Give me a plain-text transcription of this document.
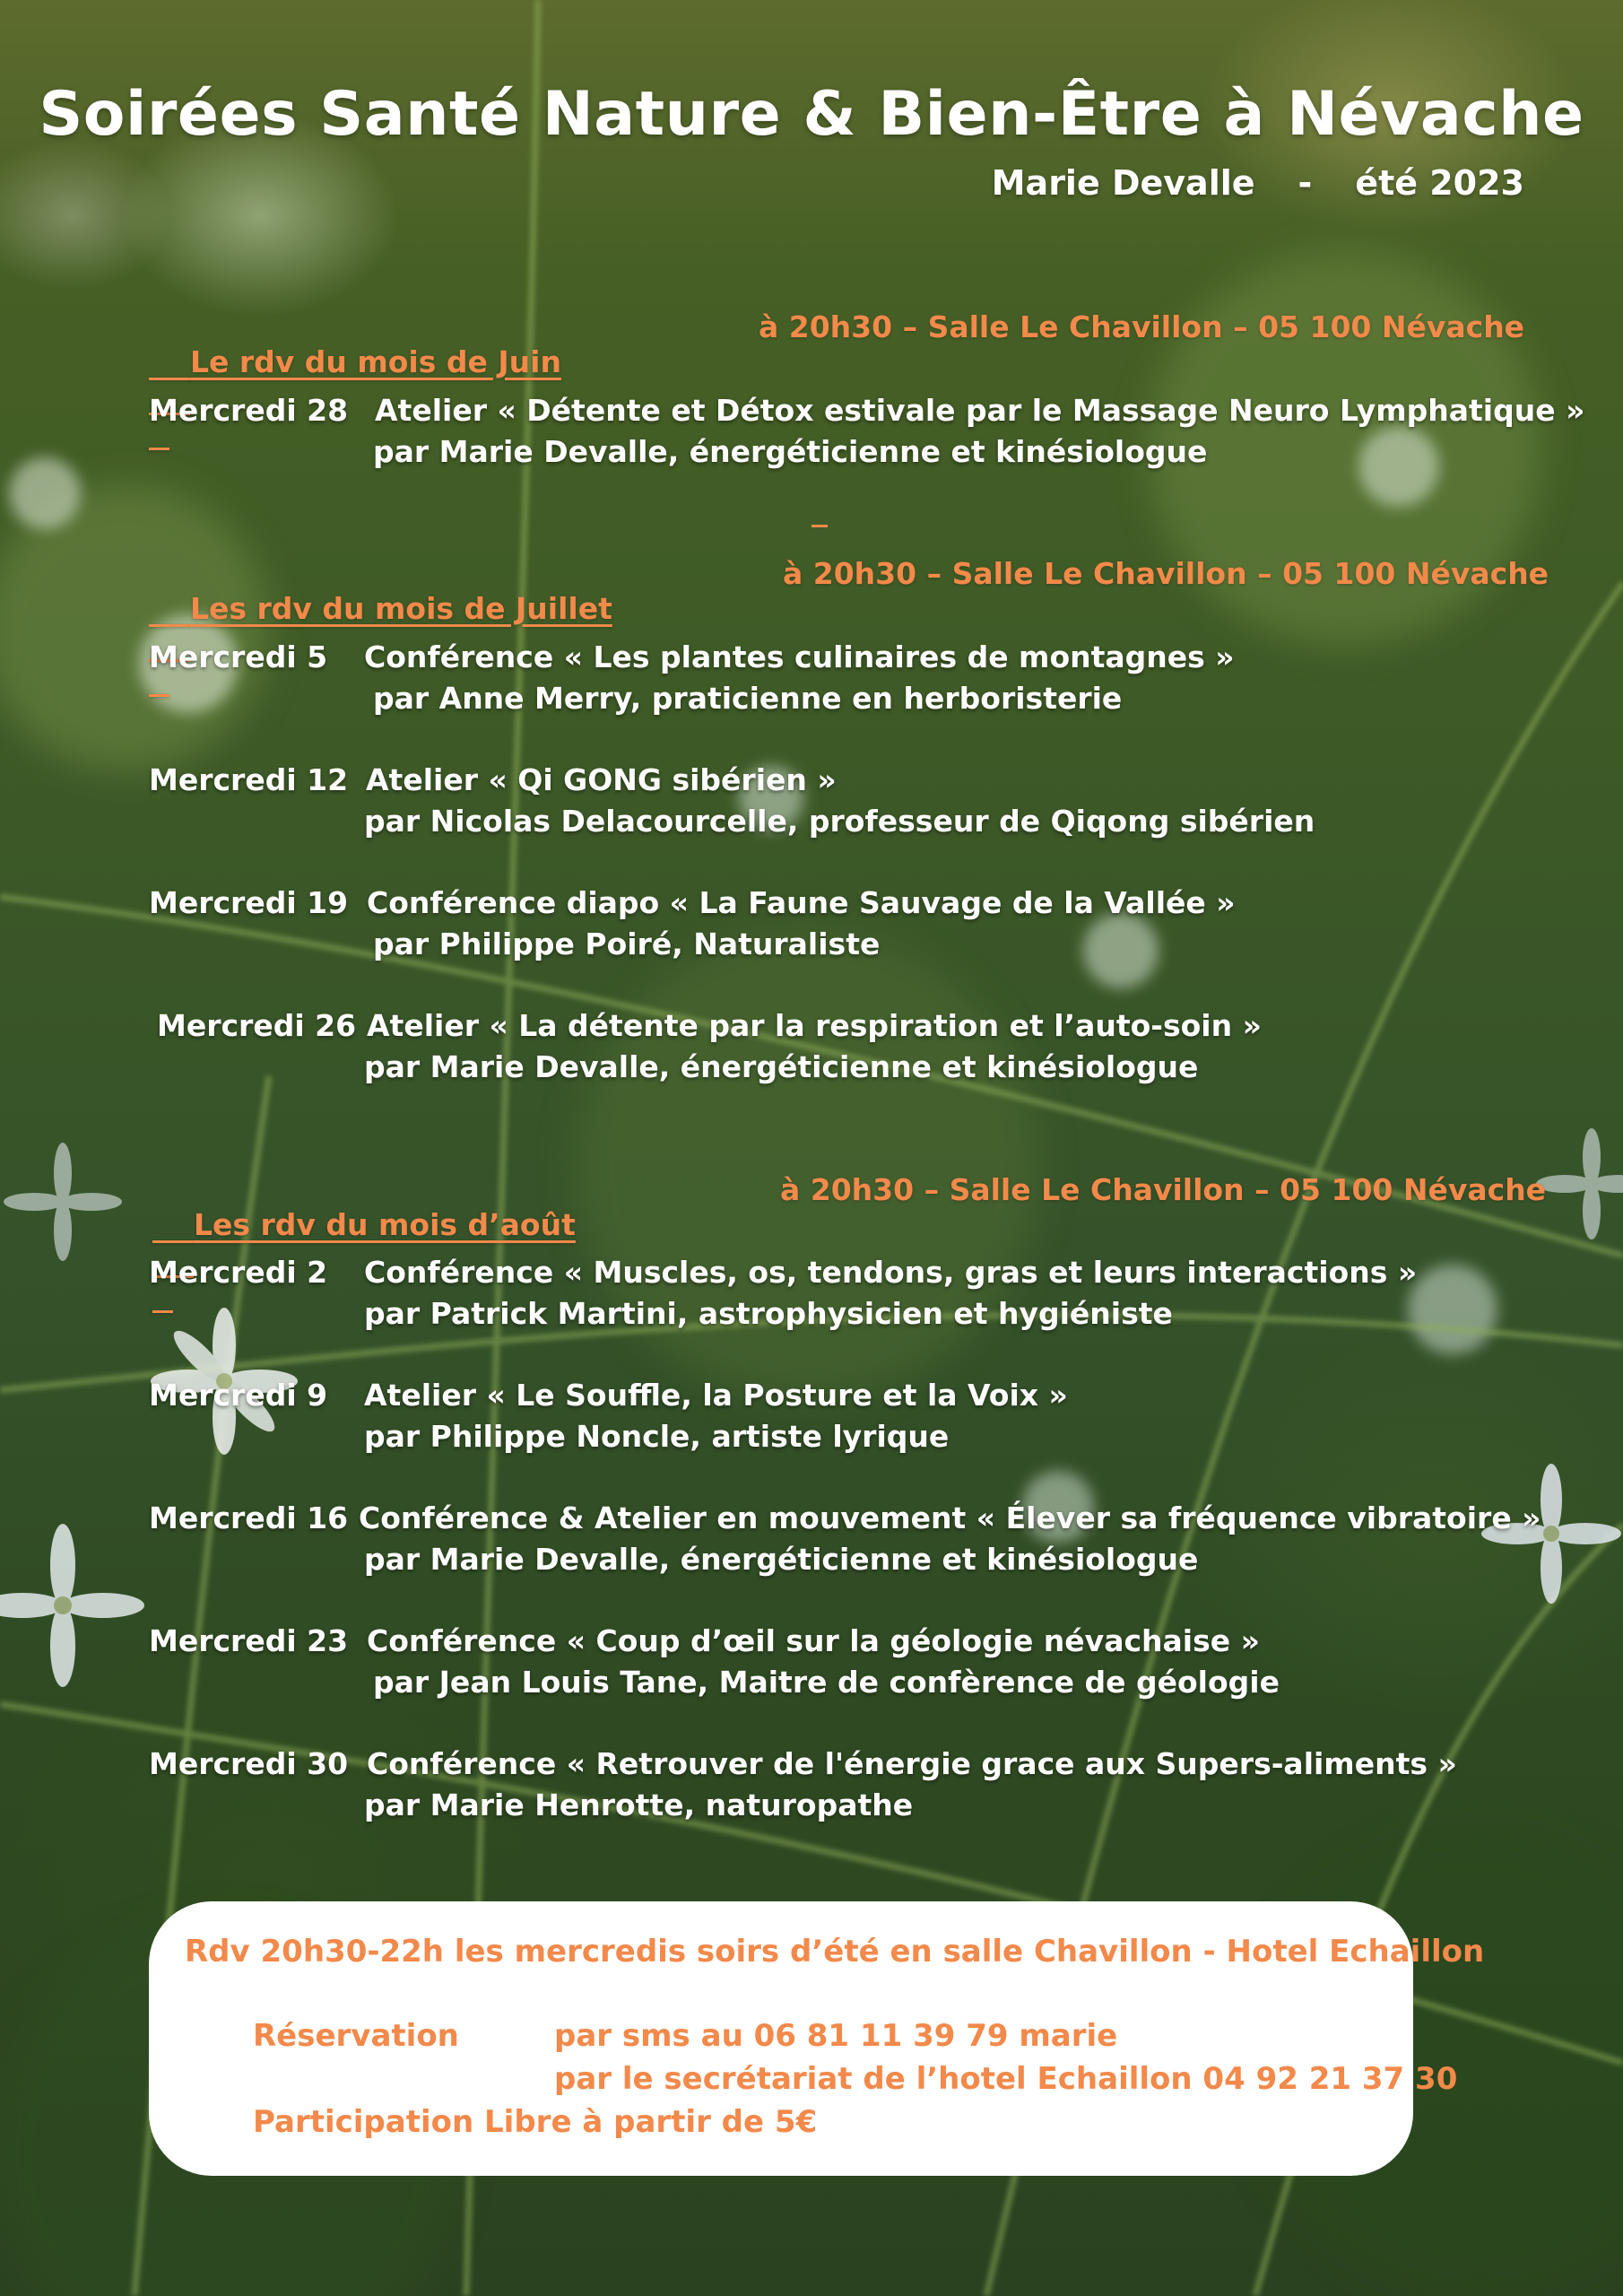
Soirées Santé Nature & Bien-Être à Névache
Marie Devalle - été 2023

Le rdv du mois de Juin

à 20h30 – Salle Le Chavillon – 05 100 Névache

Mercredi 28 Atelier « Détente et Détox estivale par le Massage Neuro Lymphatique »
par Marie Devalle, énergéticienne et kinésiologue

Les rdv du mois de Juillet

à 20h30 – Salle Le Chavillon – 05 100 Névache

Mercredi 5 Conférence « Les plantes culinaires de montagnes »
par Anne Merry, praticienne en herboristerie
Mercredi 12 Atelier « Qi GONG sibérien »
par Nicolas Delacourcelle, professeur de Qiqong sibérien
Mercredi 19 Conférence diapo « La Faune Sauvage de la Vallée »
par Philippe Poiré, Naturaliste
Mercredi 26 Atelier « La détente par la respiration et l’auto-soin »
par Marie Devalle, énergéticienne et kinésiologue

Les rdv du mois d’août

à 20h30 – Salle Le Chavillon – 05 100 Névache

Mercredi 2 Conférence « Muscles, os, tendons, gras et leurs interactions »
par Patrick Martini, astrophysicien et hygiéniste
Mercredi 9 Atelier « Le Souffle, la Posture et la Voix »
par Philippe Noncle, artiste lyrique
Mercredi 16 Conférence & Atelier en mouvement « Élever sa fréquence vibratoire »
par Marie Devalle, énergéticienne et kinésiologue
Mercredi 23 Conférence « Coup d’œil sur la géologie névachaise »
par Jean Louis Tane, Maitre de confèrence de géologie
Mercredi 30 Conférence « Retrouver de l'énergie grace aux Supers-aliments »
par Marie Henrotte, naturopathe
Rdv 20h30-22h les mercredis soirs d’été en salle Chavillon - Hotel Echaillon
Réservation	par sms au 06 81 11 39 79 marie
par le secrétariat de l’hotel Echaillon 04 92 21 37 30
Participation Libre à partir de 5€
